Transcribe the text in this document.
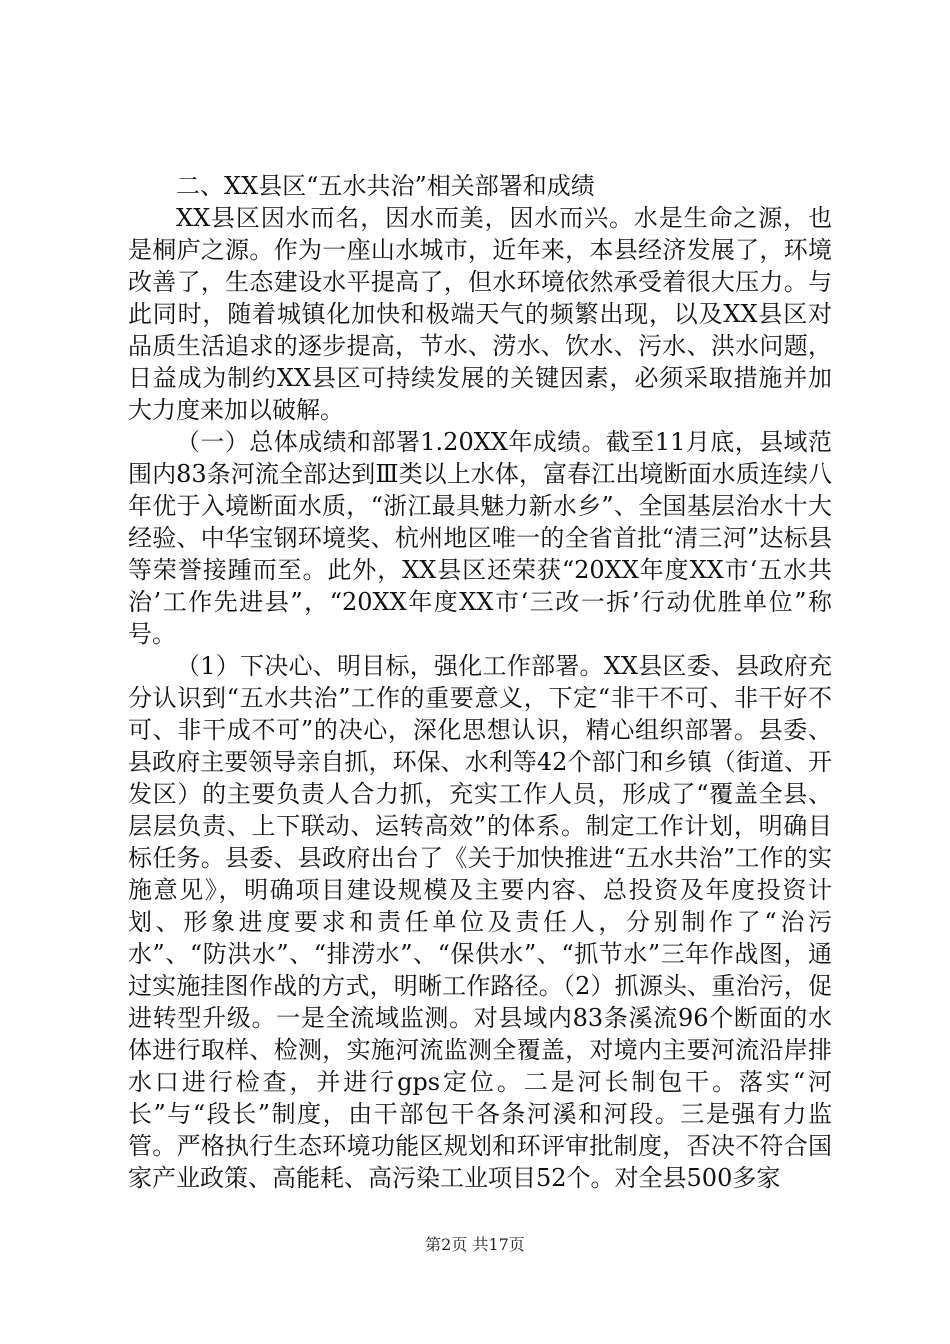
二、XX县区“五水共治”相关部署和成绩

XX县区因水而名，因水而美，因水而兴。水是生命之源，也是桐庐之源。作为一座山水城市，近年来，本县经济发展了，环境改善了，生态建设水平提高了，但水环境依然承受着很大压力。与此同时，随着城镇化加快和极端天气的频繁出现，以及XX县区对品质生活追求的逐步提高，节水、涝水、饮水、污水、洪水问题，日益成为制约XX县区可持续发展的关键因素，必须采取措施并加大力度来加以破解。

（一）总体成绩和部署1.20XX年成绩。截至11月底，县域范围内83条河流全部达到Ⅲ类以上水体，富春江出境断面水质连续八年优于入境断面水质，“浙江最具魅力新水乡”、全国基层治水十大经验、中华宝钢环境奖、杭州地区唯一的全省首批“清三河”达标县等荣誉接踵而至。此外，XX县区还荣获“20XX年度XX市‘五水共治’工作先进县”，“20XX年度XX市‘三改一拆’行动优胜单位”称号。

（1）下决心、明目标，强化工作部署。XX县区委、县政府充分认识到“五水共治”工作的重要意义，下定“非干不可、非干好不可、非干成不可”的决心，深化思想认识，精心组织部署。县委、县政府主要领导亲自抓，环保、水利等42个部门和乡镇（街道、开发区）的主要负责人合力抓，充实工作人员，形成了“覆盖全县、层层负责、上下联动、运转高效”的体系。制定工作计划，明确目标任务。县委、县政府出台了《关于加快推进“五水共治”工作的实施意见》，明确项目建设规模及主要内容、总投资及年度投资计划、形象进度要求和责任单位及责任人，分别制作了“治污水”、“防洪水”、“排涝水”、“保供水”、“抓节水”三年作战图，通过实施挂图作战的方式，明晰工作路径。（2）抓源头、重治污，促进转型升级。一是全流域监测。对县域内83条溪流96个断面的水体进行取样、检测，实施河流监测全覆盖，对境内主要河流沿岸排水口进行检查，并进行gps定位。二是河长制包干。落实“河长”与“段长”制度，由干部包干各条河溪和河段。三是强有力监管。严格执行生态环境功能区规划和环评审批制度，否决不符合国家产业政策、高能耗、高污染工业项目52个。对全县500多家

第2页 共17页
